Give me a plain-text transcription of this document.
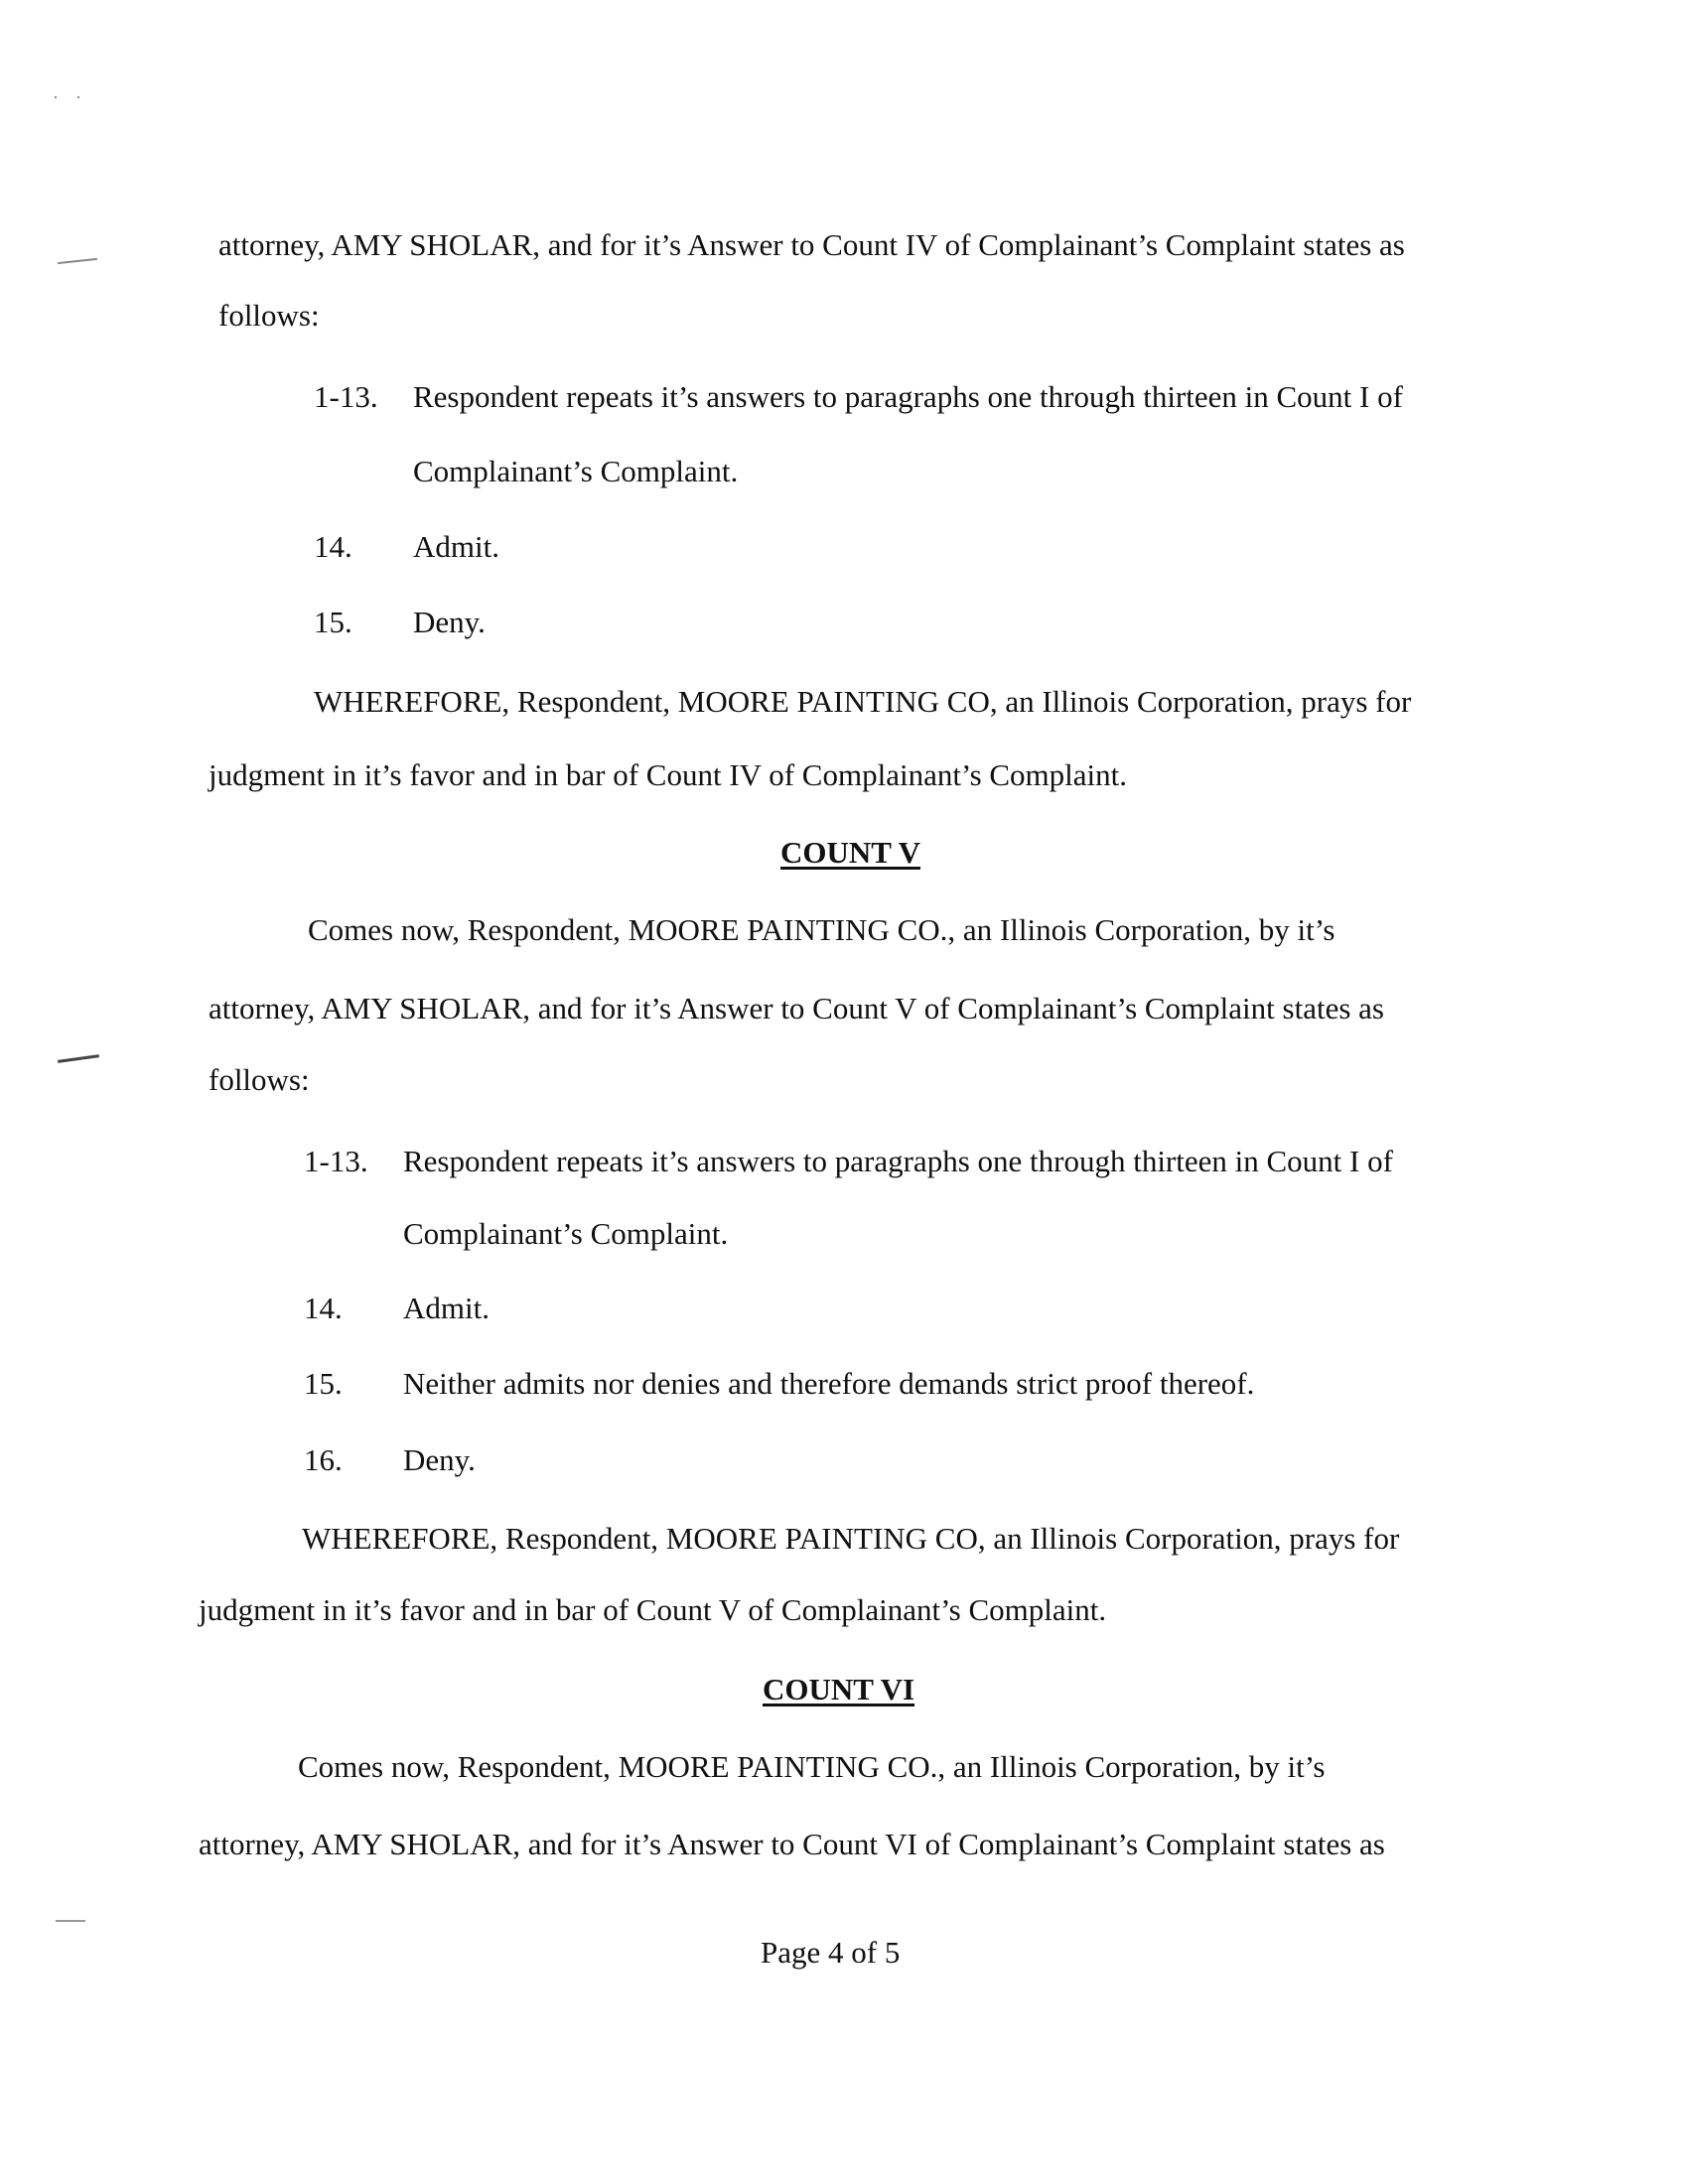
attorney, AMY SHOLAR, and for it’s Answer to Count IV of Complainant’s Complaint states as
follows:
1-13. Respondent repeats it’s answers to paragraphs one through thirteen in Count I of
Complainant’s Complaint.
14. Admit.
15. Deny.
WHEREFORE, Respondent, MOORE PAINTING CO, an Illinois Corporation, prays for
judgment in it’s favor and in bar of Count IV of Complainant’s Complaint.
COUNT V
Comes now, Respondent, MOORE PAINTING CO., an Illinois Corporation, by it’s
attorney, AMY SHOLAR, and for it’s Answer to Count V of Complainant’s Complaint states as
follows:
1-13. Respondent repeats it’s answers to paragraphs one through thirteen in Count I of
Complainant’s Complaint.
14. Admit.
15. Neither admits nor denies and therefore demands strict proof thereof.
16. Deny.
WHEREFORE, Respondent, MOORE PAINTING CO, an Illinois Corporation, prays for
judgment in it’s favor and in bar of Count V of Complainant’s Complaint.
COUNT VI
Comes now, Respondent, MOORE PAINTING CO., an Illinois Corporation, by it’s
attorney, AMY SHOLAR, and for it’s Answer to Count VI of Complainant’s Complaint states as
Page 4 of 5
